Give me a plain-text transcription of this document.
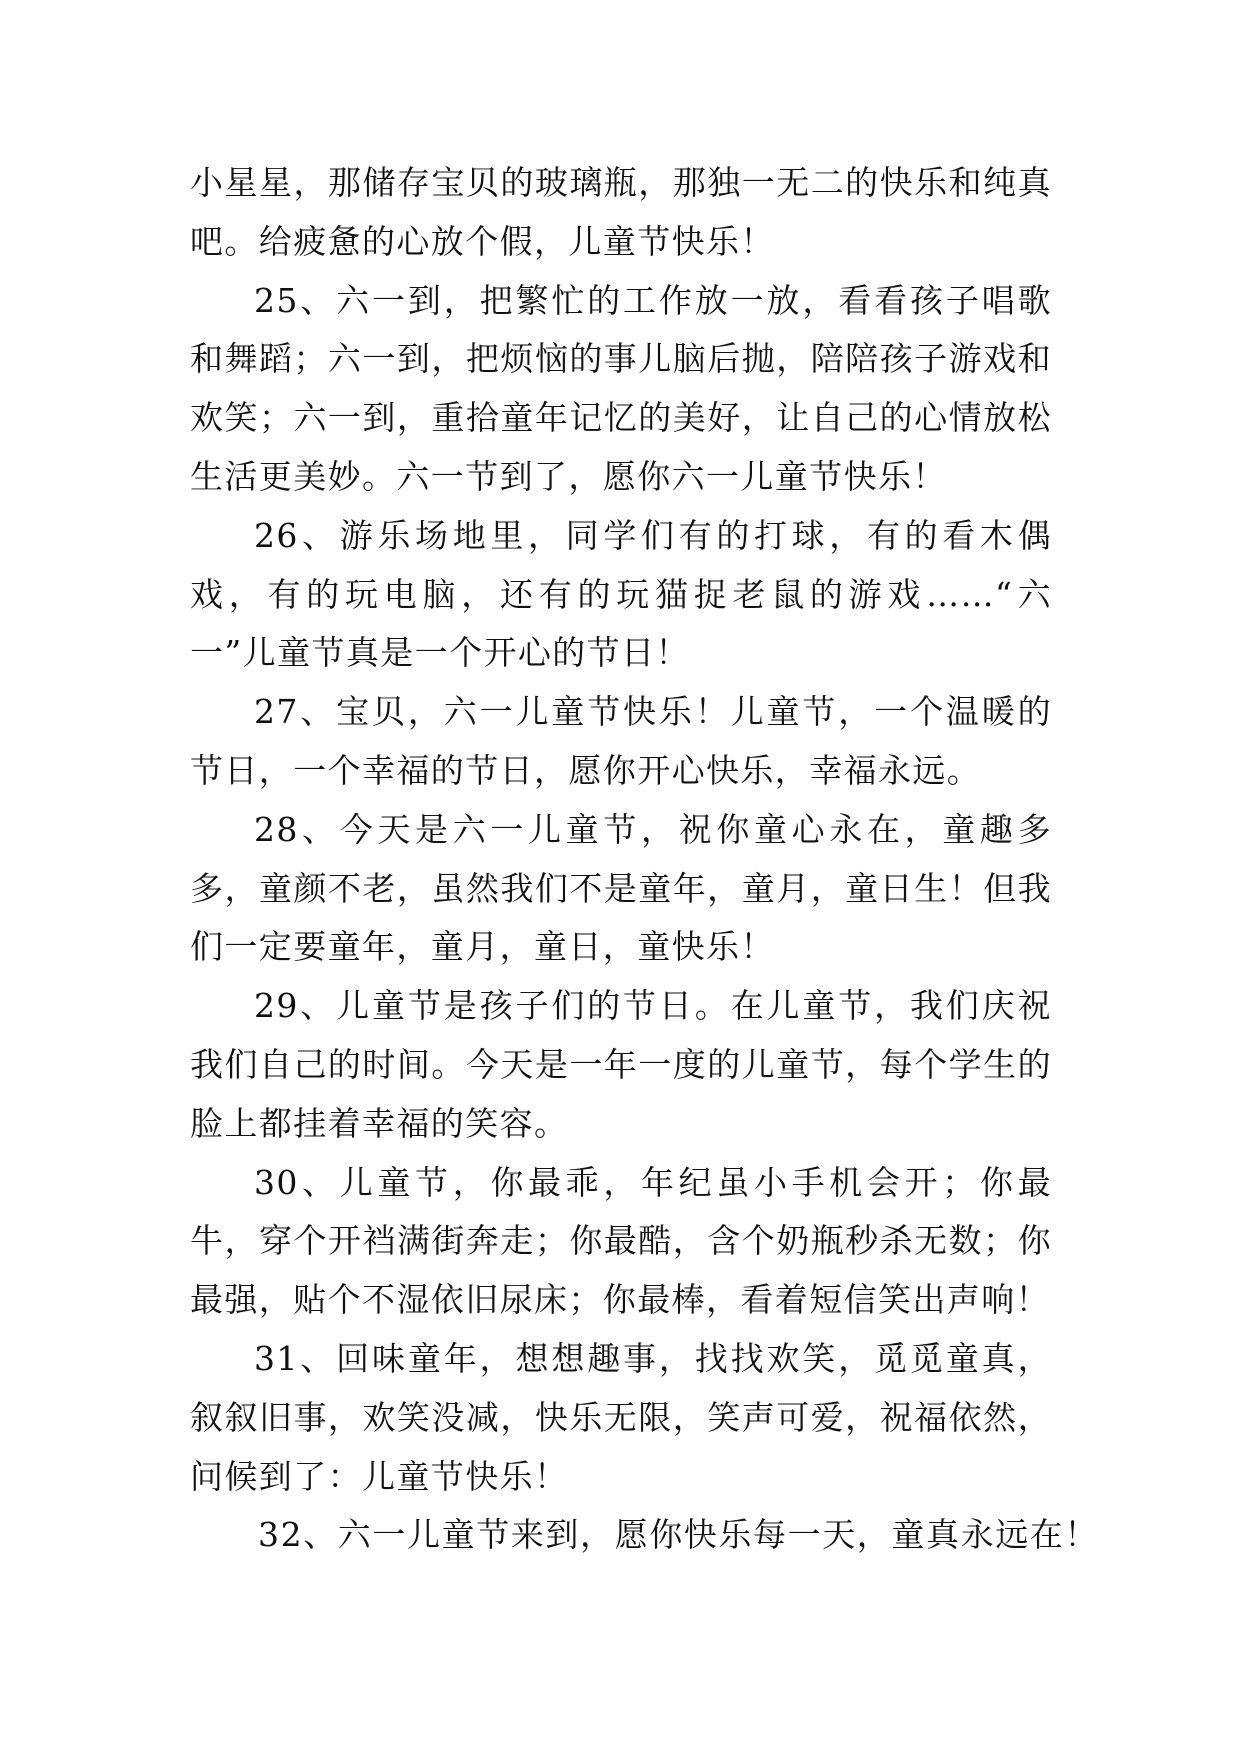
小星星，那储存宝贝的玻璃瓶，那独一无二的快乐和纯真吧。给疲惫的心放个假，儿童节快乐！

25、六一到，把繁忙的工作放一放，看看孩子唱歌和舞蹈；六一到，把烦恼的事儿脑后抛，陪陪孩子游戏和欢笑；六一到，重拾童年记忆的美好，让自己的心情放松生活更美妙。六一节到了，愿你六一儿童节快乐！

26、游乐场地里，同学们有的打球，有的看木偶戏，有的玩电脑，还有的玩猫捉老鼠的游戏……“六一”儿童节真是一个开心的节日！

27、宝贝，六一儿童节快乐！儿童节，一个温暖的节日，一个幸福的节日，愿你开心快乐，幸福永远。

28、今天是六一儿童节，祝你童心永在，童趣多多，童颜不老，虽然我们不是童年，童月，童日生！但我们一定要童年，童月，童日，童快乐！

29、儿童节是孩子们的节日。在儿童节，我们庆祝我们自己的时间。今天是一年一度的儿童节，每个学生的脸上都挂着幸福的笑容。

30、儿童节，你最乖，年纪虽小手机会开；你最牛，穿个开裆满街奔走；你最酷，含个奶瓶秒杀无数；你最强，贴个不湿依旧尿床；你最棒，看着短信笑出声响！

31、回味童年，想想趣事，找找欢笑，觅觅童真，叙叙旧事，欢笑没减，快乐无限，笑声可爱，祝福依然，问候到了：儿童节快乐！

32、六一儿童节来到，愿你快乐每一天，童真永远在！
